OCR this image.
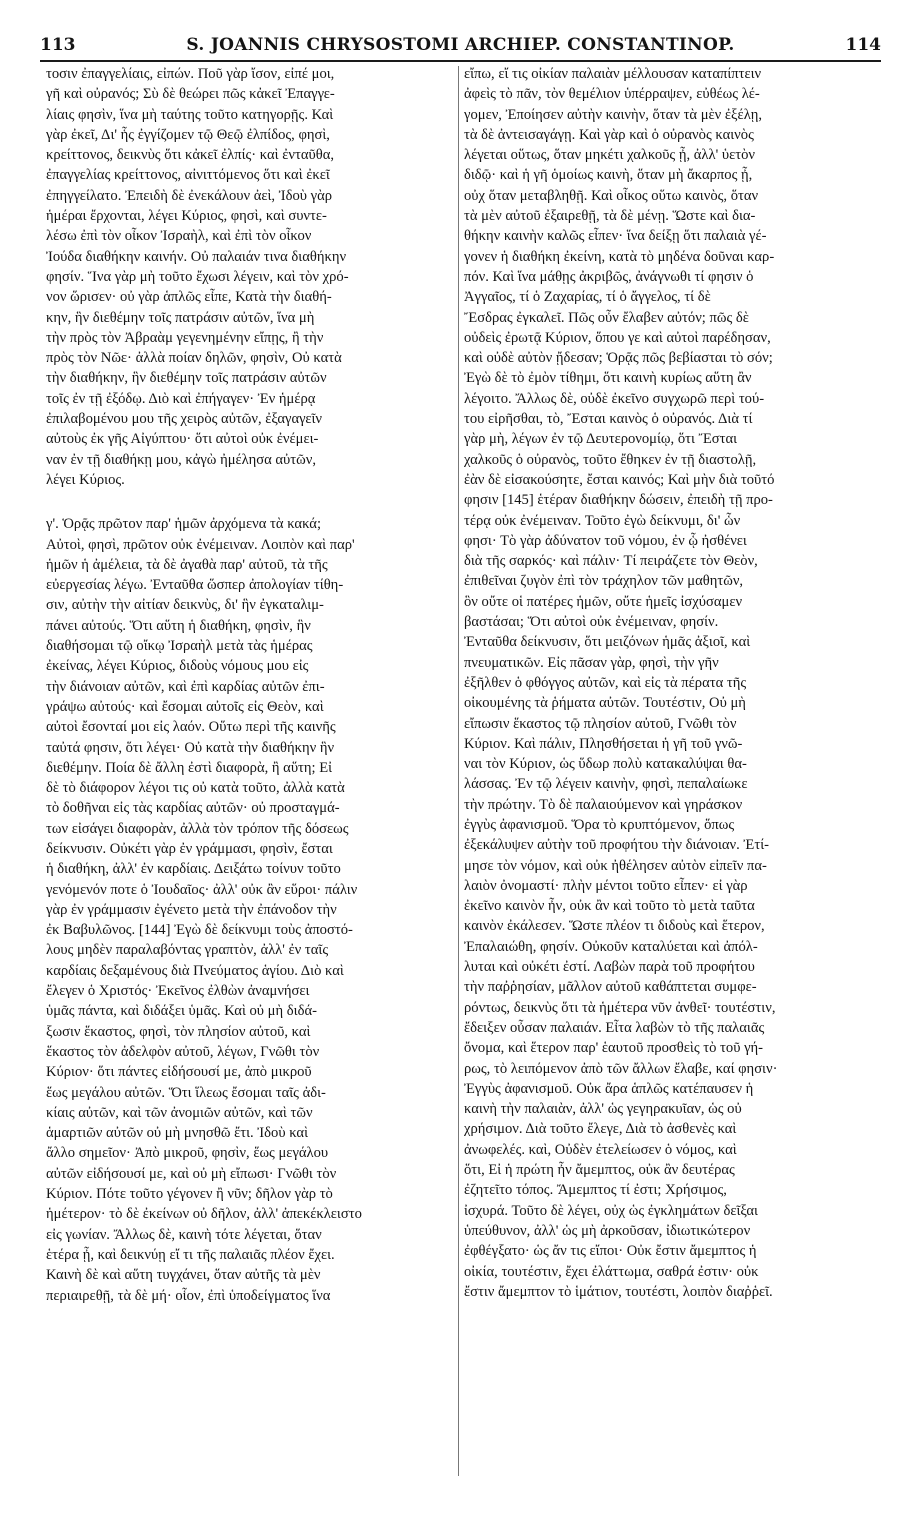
113	S. JOANNIS CHRYSOSTOMI ARCHIEP. CONSTANTINOP.	114
τοσιν ἐπαγγελίαις, εἰπών. Ποῦ γὰρ ἴσον, εἰπέ μοι,
γῆ καὶ οὐρανός; Σὺ δὲ θεώρει πῶς κἀκεῖ Ἐπαγγε-
λίαις φησὶν, ἵνα μὴ ταύτης τοῦτο κατηγορῇς. Καὶ
γὰρ ἐκεῖ, Δι' ἧς ἐγγίζομεν τῷ Θεῷ ἐλπίδος, φησὶ,
κρείττονος, δεικνὺς ὅτι κἀκεῖ ἐλπίς· καὶ ἐνταῦθα,
ἐπαγγελίας κρείττονος, αἰνιττόμενος ὅτι καὶ ἐκεῖ
ἐπηγγείλατο. Ἐπειδὴ δὲ ἐνεκάλουν ἀεὶ, Ἰδοὺ γὰρ
ἡμέραι ἔρχονται, λέγει Κύριος, φησὶ, καὶ συντε-
λέσω ἐπὶ τὸν οἶκον Ἰσραὴλ, καὶ ἐπὶ τὸν οἶκον
Ἰούδα διαθήκην καινήν. Οὐ παλαιάν τινα διαθήκην
φησίν. Ἵνα γὰρ μὴ τοῦτο ἔχωσι λέγειν, καὶ τὸν χρό-
νον ὥρισεν· οὐ γὰρ ἁπλῶς εἶπε, Κατὰ τὴν διαθή-
κην, ἣν διεθέμην τοῖς πατράσιν αὐτῶν, ἵνα μὴ
τὴν πρὸς τὸν Ἀβραὰμ γεγενημένην εἴπῃς, ἢ τὴν
πρὸς τὸν Νῶε· ἀλλὰ ποίαν δηλῶν, φησὶν, Οὐ κατὰ
τὴν διαθήκην, ἣν διεθέμην τοῖς πατράσιν αὐτῶν
τοῖς ἐν τῇ ἐξόδῳ. Διὸ καὶ ἐπήγαγεν· Ἐν ἡμέρᾳ
ἐπιλαβομένου μου τῆς χειρὸς αὐτῶν, ἐξαγαγεῖν
αὐτοὺς ἐκ γῆς Αἰγύπτου· ὅτι αὐτοὶ οὐκ ἐνέμει-
ναν ἐν τῇ διαθήκῃ μου, κἀγὼ ἠμέλησα αὐτῶν,
λέγει Κύριος.
γ'. Ὁρᾷς πρῶτον παρ' ἡμῶν ἀρχόμενα τὰ κακά;
Αὐτοὶ, φησὶ, πρῶτον οὐκ ἐνέμειναν. Λοιπὸν καὶ παρ'
ἡμῶν ἡ ἀμέλεια, τὰ δὲ ἀγαθὰ παρ' αὐτοῦ, τὰ τῆς
εὐεργεσίας λέγω. Ἐνταῦθα ὥσπερ ἀπολογίαν τίθη-
σιν, αὐτὴν τὴν αἰτίαν δεικνὺς, δι' ἣν ἐγκαταλιμ-
πάνει αὐτούς. Ὅτι αὕτη ἡ διαθήκη, φησὶν, ἣν
διαθήσομαι τῷ οἴκῳ Ἰσραὴλ μετὰ τὰς ἡμέρας
ἐκείνας, λέγει Κύριος, διδοὺς νόμους μου εἰς
τὴν διάνοιαν αὐτῶν, καὶ ἐπὶ καρδίας αὐτῶν ἐπι-
γράψω αὐτούς· καὶ ἔσομαι αὐτοῖς εἰς Θεὸν, καὶ
αὐτοὶ ἔσονταί μοι εἰς λαόν. Οὕτω περὶ τῆς καινῆς
ταὐτά φησιν, ὅτι λέγει· Οὐ κατὰ τὴν διαθήκην ἣν
διεθέμην. Ποία δὲ ἄλλη ἐστὶ διαφορὰ, ἢ αὕτη; Εἰ
δὲ τὸ διάφορον λέγοι τις οὐ κατὰ τοῦτο, ἀλλὰ κατὰ
τὸ δοθῆναι εἰς τὰς καρδίας αὐτῶν· οὐ προσταγμά-
των εἰσάγει διαφορὰν, ἀλλὰ τὸν τρόπον τῆς δόσεως
δείκνυσιν. Οὐκέτι γὰρ ἐν γράμμασι, φησὶν, ἔσται
ἡ διαθήκη, ἀλλ' ἐν καρδίαις. Δειξάτω τοίνυν τοῦτο
γενόμενόν ποτε ὁ Ἰουδαῖος· ἀλλ' οὐκ ἂν εὕροι· πάλιν
γὰρ ἐν γράμμασιν ἐγένετο μετὰ τὴν ἐπάνοδον τὴν
ἐκ Βαβυλῶνος. [144] Ἐγὼ δὲ δείκνυμι τοὺς ἀποστό-
λους μηδὲν παραλαβόντας γραπτὸν, ἀλλ' ἐν ταῖς
καρδίαις δεξαμένους διὰ Πνεύματος ἁγίου. Διὸ καὶ
ἔλεγεν ὁ Χριστός· Ἐκεῖνος ἐλθὼν ἀναμνήσει
ὑμᾶς πάντα, καὶ διδάξει ὑμᾶς. Καὶ οὐ μὴ διδά-
ξωσιν ἕκαστος, φησὶ, τὸν πλησίον αὐτοῦ, καὶ
ἕκαστος τὸν ἀδελφὸν αὐτοῦ, λέγων, Γνῶθι τὸν
Κύριον· ὅτι πάντες εἰδήσουσί με, ἀπὸ μικροῦ
ἕως μεγάλου αὐτῶν. Ὅτι ἵλεως ἔσομαι ταῖς ἀδι-
κίαις αὐτῶν, καὶ τῶν ἀνομιῶν αὐτῶν, καὶ τῶν
ἁμαρτιῶν αὐτῶν οὐ μὴ μνησθῶ ἔτι. Ἰδοὺ καὶ
ἄλλο σημεῖον· Ἀπὸ μικροῦ, φησὶν, ἕως μεγάλου
αὐτῶν εἰδήσουσί με, καὶ οὐ μὴ εἴπωσι· Γνῶθι τὸν
Κύριον. Πότε τοῦτο γέγονεν ἢ νῦν; δῆλον γὰρ τὸ
ἡμέτερον· τὸ δὲ ἐκείνων οὐ δῆλον, ἀλλ' ἀπεκέκλειστο
εἰς γωνίαν. Ἄλλως δὲ, καινὴ τότε λέγεται, ὅταν
ἑτέρα ᾖ, καὶ δεικνύῃ εἴ τι τῆς παλαιᾶς πλέον ἔχει.
Καινὴ δὲ καὶ αὕτη τυγχάνει, ὅταν αὐτῆς τὰ μὲν
περιαιρεθῇ, τὰ δὲ μή· οἷον, ἐπὶ ὑποδείγματος ἵνα
εἴπω, εἴ τις οἰκίαν παλαιὰν μέλλουσαν καταπίπτειν
ἀφεὶς τὸ πᾶν, τὸν θεμέλιον ὑπέρραψεν, εὐθέως λέ-
γομεν, Ἐποίησεν αὐτὴν καινὴν, ὅταν τὰ μὲν ἐξέλῃ,
τὰ δὲ ἀντεισαγάγῃ. Καὶ γὰρ καὶ ὁ οὐρανὸς καινὸς
λέγεται οὕτως, ὅταν μηκέτι χαλκοῦς ᾖ, ἀλλ' ὑετὸν
διδῷ· καὶ ἡ γῆ ὁμοίως καινὴ, ὅταν μὴ ἄκαρπος ᾖ,
οὐχ ὅταν μεταβληθῇ. Καὶ οἶκος οὕτω καινὸς, ὅταν
τὰ μὲν αὐτοῦ ἐξαιρεθῇ, τὰ δὲ μένῃ. Ὥστε καὶ δια-
θήκην καινὴν καλῶς εἶπεν· ἵνα δείξῃ ὅτι παλαιὰ γέ-
γονεν ἡ διαθήκη ἐκείνη, κατὰ τὸ μηδένα δοῦναι καρ-
πόν. Καὶ ἵνα μάθῃς ἀκριβῶς, ἀνάγνωθι τί φησιν ὁ
Ἀγγαῖος, τί ὁ Ζαχαρίας, τί ὁ ἄγγελος, τί δὲ
Ἔσδρας ἐγκαλεῖ. Πῶς οὖν ἔλαβεν αὐτόν; πῶς δὲ
οὐδεὶς ἐρωτᾷ Κύριον, ὅπου γε καὶ αὐτοὶ παρέδησαν,
καὶ οὐδὲ αὐτὸν ᾔδεσαν; Ὁρᾷς πῶς βεβίασται τὸ σόν;
Ἐγὼ δὲ τὸ ἐμὸν τίθημι, ὅτι καινὴ κυρίως αὕτη ἂν
λέγοιτο. Ἄλλως δὲ, οὐδὲ ἐκεῖνο συγχωρῶ περὶ τού-
του εἰρῆσθαι, τὸ, Ἔσται καινὸς ὁ οὐρανός. Διὰ τί
γὰρ μὴ, λέγων ἐν τῷ Δευτερονομίῳ, ὅτι Ἔσται
χαλκοῦς ὁ οὐρανὸς, τοῦτο ἔθηκεν ἐν τῇ διαστολῇ,
ἐὰν δὲ εἰσακούσητε, ἔσται καινός; Καὶ μὴν διὰ τοῦτό
φησιν [145] ἑτέραν διαθήκην δώσειν, ἐπειδὴ τῇ προ-
τέρᾳ οὐκ ἐνέμειναν. Τοῦτο ἐγὼ δείκνυμι, δι' ὧν
φησι· Τὸ γὰρ ἀδύνατον τοῦ νόμου, ἐν ᾧ ἠσθένει
διὰ τῆς σαρκός· καὶ πάλιν· Τί πειράζετε τὸν Θεὸν,
ἐπιθεῖναι ζυγὸν ἐπὶ τὸν τράχηλον τῶν μαθητῶν,
ὃν οὔτε οἱ πατέρες ἡμῶν, οὔτε ἡμεῖς ἰσχύσαμεν
βαστάσαι; Ὅτι αὐτοὶ οὐκ ἐνέμειναν, φησίν.
Ἐνταῦθα δείκνυσιν, ὅτι μειζόνων ἡμᾶς ἀξιοῖ, καὶ
πνευματικῶν. Εἰς πᾶσαν γὰρ, φησὶ, τὴν γῆν
ἐξῆλθεν ὁ φθόγγος αὐτῶν, καὶ εἰς τὰ πέρατα τῆς
οἰκουμένης τὰ ῥήματα αὐτῶν. Τουτέστιν, Οὐ μὴ
εἴπωσιν ἕκαστος τῷ πλησίον αὐτοῦ, Γνῶθι τὸν
Κύριον. Καὶ πάλιν, Πλησθήσεται ἡ γῆ τοῦ γνῶ-
ναι τὸν Κύριον, ὡς ὕδωρ πολὺ κατακαλύψαι θα-
λάσσας. Ἐν τῷ λέγειν καινὴν, φησὶ, πεπαλαίωκε
τὴν πρώτην. Τὸ δὲ παλαιούμενον καὶ γηράσκον
ἐγγὺς ἀφανισμοῦ. Ὅρα τὸ κρυπτόμενον, ὅπως
ἐξεκάλυψεν αὐτὴν τοῦ προφήτου τὴν διάνοιαν. Ἐτί-
μησε τὸν νόμον, καὶ οὐκ ἠθέλησεν αὐτὸν εἰπεῖν πα-
λαιὸν ὀνομαστί· πλὴν μέντοι τοῦτο εἶπεν· εἰ γὰρ
ἐκεῖνο καινὸν ἦν, οὐκ ἂν καὶ τοῦτο τὸ μετὰ ταῦτα
καινὸν ἐκάλεσεν. Ὥστε πλέον τι διδοὺς καὶ ἕτερον,
Ἐπαλαιώθη, φησίν. Οὐκοῦν καταλύεται καὶ ἀπόλ-
λυται καὶ οὐκέτι ἐστί. Λαβὼν παρὰ τοῦ προφήτου
τὴν παῤῥησίαν, μᾶλλον αὐτοῦ καθάπτεται συμφε-
ρόντως, δεικνὺς ὅτι τὰ ἡμέτερα νῦν ἀνθεῖ· τουτέστιν,
ἔδειξεν οὖσαν παλαιάν. Εἶτα λαβὼν τὸ τῆς παλαιᾶς
ὄνομα, καὶ ἕτερον παρ' ἑαυτοῦ προσθεὶς τὸ τοῦ γή-
ρως, τὸ λειπόμενον ἀπὸ τῶν ἄλλων ἔλαβε, καί φησιν·
Ἐγγὺς ἀφανισμοῦ. Οὐκ ἄρα ἁπλῶς κατέπαυσεν ἡ
καινὴ τὴν παλαιὰν, ἀλλ' ὡς γεγηρακυῖαν, ὡς οὐ
χρήσιμον. Διὰ τοῦτο ἔλεγε, Διὰ τὸ ἀσθενὲς καὶ
ἀνωφελές. καὶ, Οὐδὲν ἐτελείωσεν ὁ νόμος, καὶ
ὅτι, Εἰ ἡ πρώτη ἦν ἄμεμπτος, οὐκ ἂν δευτέρας
ἐζητεῖτο τόπος. Ἄμεμπτος τί ἐστι; Χρήσιμος,
ἰσχυρά. Τοῦτο δὲ λέγει, οὐχ ὡς ἐγκλημάτων δεῖξαι
ὑπεύθυνον, ἀλλ' ὡς μὴ ἀρκοῦσαν, ἰδιωτικώτερον
ἐφθέγξατο· ὡς ἄν τις εἴποι· Οὐκ ἔστιν ἄμεμπτος ἡ
οἰκία, τουτέστιν, ἔχει ἐλάττωμα, σαθρά ἐστιν· οὐκ
ἔστιν ἄμεμπτον τὸ ἱμάτιον, τουτέστι, λοιπὸν διαῤῥεῖ.
